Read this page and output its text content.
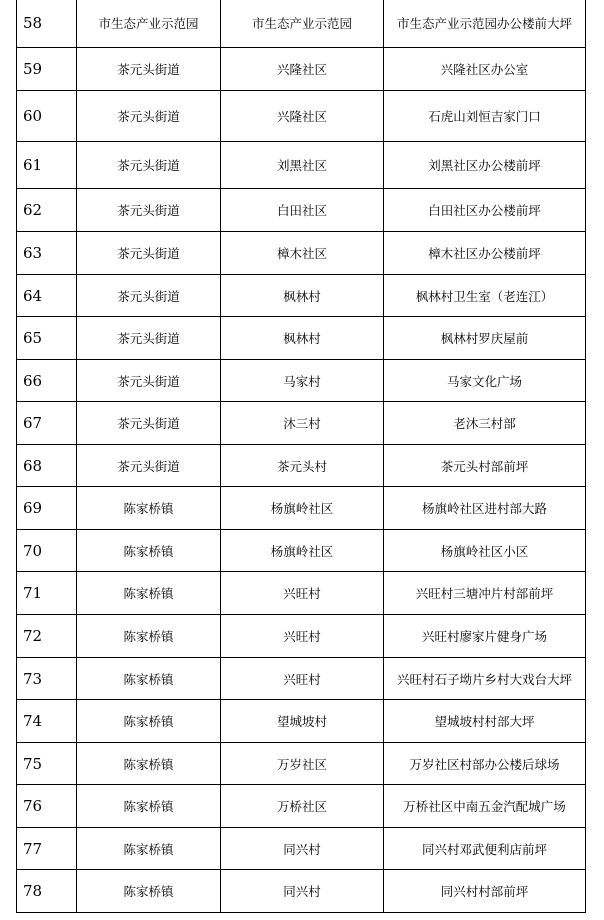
58	市生态产业示范园	市生态产业示范园	市生态产业示范园办公楼前大坪
59	茶元头街道	兴隆社区	兴隆社区办公室
60	茶元头街道	兴隆社区	石虎山刘恒吉家门口
61	茶元头街道	刘黑社区	刘黑社区办公楼前坪
62	茶元头街道	白田社区	白田社区办公楼前坪
63	茶元头街道	樟木社区	樟木社区办公楼前坪
64	茶元头街道	枫林村	枫林村卫生室（老连江）
65	茶元头街道	枫林村	枫林村罗庆屋前
66	茶元头街道	马家村	马家文化广场
67	茶元头街道	沐三村	老沐三村部
68	茶元头街道	茶元头村	茶元头村部前坪
69	陈家桥镇	杨旗岭社区	杨旗岭社区进村部大路
70	陈家桥镇	杨旗岭社区	杨旗岭社区小区
71	陈家桥镇	兴旺村	兴旺村三塘冲片村部前坪
72	陈家桥镇	兴旺村	兴旺村廖家片健身广场
73	陈家桥镇	兴旺村	兴旺村石子坳片乡村大戏台大坪
74	陈家桥镇	望城坡村	望城坡村村部大坪
75	陈家桥镇	万岁社区	万岁社区村部办公楼后球场
76	陈家桥镇	万桥社区	万桥社区中南五金汽配城广场
77	陈家桥镇	同兴村	同兴村邓武便利店前坪
78	陈家桥镇	同兴村	同兴村村部前坪
